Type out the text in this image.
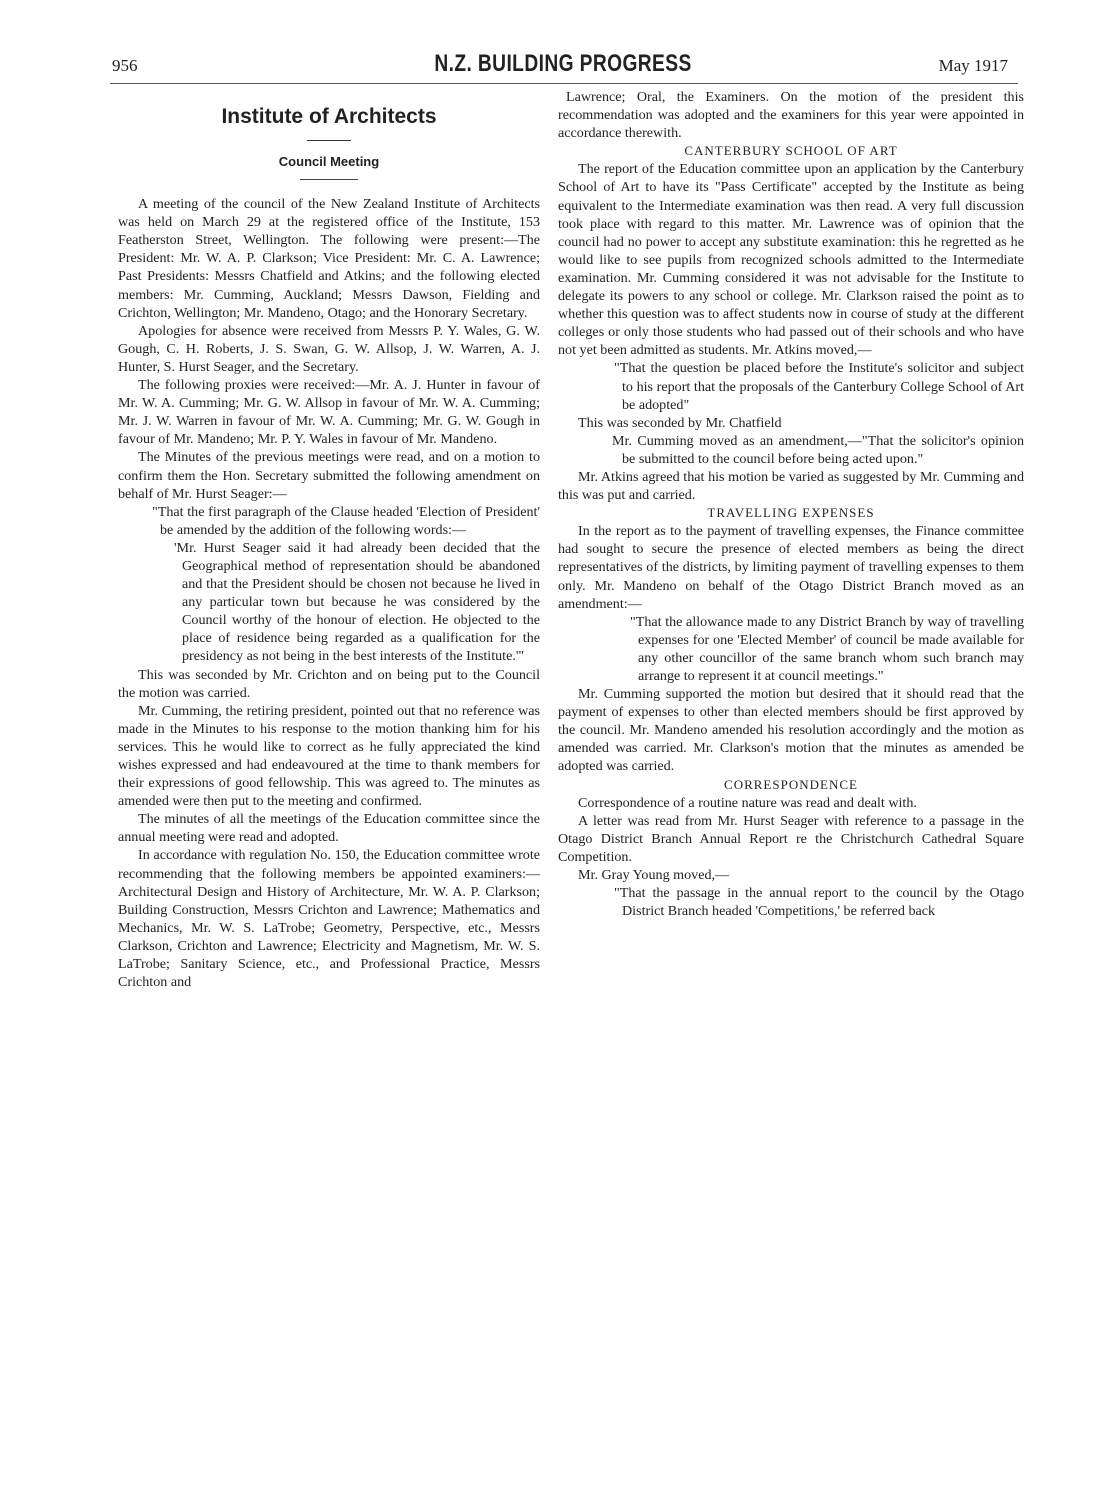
956	N.Z. BUILDING PROGRESS	May 1917
Institute of Architects
Council Meeting

A meeting of the council of the New Zealand Institute of Architects was held on March 29 at the registered office of the Institute, 153 Featherston Street, Wellington. The following were present:—The President: Mr. W. A. P. Clarkson; Vice President: Mr. C. A. Lawrence; Past Presidents: Messrs Chatfield and Atkins; and the following elected members: Mr. Cumming, Auckland; Messrs Dawson, Fielding and Crichton, Wellington; Mr. Mandeno, Otago; and the Honorary Secretary.

Apologies for absence were received from Messrs P. Y. Wales, G. W. Gough, C. H. Roberts, J. S. Swan, G. W. Allsop, J. W. Warren, A. J. Hunter, S. Hurst Seager, and the Secretary.

The following proxies were received:—Mr. A. J. Hunter in favour of Mr. W. A. Cumming; Mr. G. W. Allsop in favour of Mr. W. A. Cumming; Mr. J. W. Warren in favour of Mr. W. A. Cumming; Mr. G. W. Gough in favour of Mr. Mandeno; Mr. P. Y. Wales in favour of Mr. Mandeno.

The Minutes of the previous meetings were read, and on a motion to confirm them the Hon. Secretary submitted the following amendment on behalf of Mr. Hurst Seager:—

"That the first paragraph of the Clause headed 'Election of President' be amended by the addition of the following words:—

'Mr. Hurst Seager said it had already been decided that the Geographical method of representation should be abandoned and that the President should be chosen not because he lived in any particular town but because he was considered by the Council worthy of the honour of election. He objected to the place of residence being regarded as a qualification for the presidency as not being in the best interests of the Institute.'"

This was seconded by Mr. Crichton and on being put to the Council the motion was carried.

Mr. Cumming, the retiring president, pointed out that no reference was made in the Minutes to his response to the motion thanking him for his services. This he would like to correct as he fully appreciated the kind wishes expressed and had endeavoured at the time to thank members for their expressions of good fellowship. This was agreed to. The minutes as amended were then put to the meeting and confirmed.

The minutes of all the meetings of the Education committee since the annual meeting were read and adopted.

In accordance with regulation No. 150, the Education committee wrote recommending that the following members be appointed examiners:—Architectural Design and History of Architecture, Mr. W. A. P. Clarkson; Building Construction, Messrs Crichton and Lawrence; Mathematics and Mechanics, Mr. W. S. LaTrobe; Geometry, Perspective, etc., Messrs Clarkson, Crichton and Lawrence; Electricity and Magnetism, Mr. W. S. LaTrobe; Sanitary Science, etc., and Professional Practice, Messrs Crichton and

Lawrence; Oral, the Examiners. On the motion of the president this recommendation was adopted and the examiners for this year were appointed in accordance therewith.

CANTERBURY SCHOOL OF ART

The report of the Education committee upon an application by the Canterbury School of Art to have its "Pass Certificate" accepted by the Institute as being equivalent to the Intermediate examination was then read. A very full discussion took place with regard to this matter. Mr. Lawrence was of opinion that the council had no power to accept any substitute examination: this he regretted as he would like to see pupils from recognized schools admitted to the Intermediate examination. Mr. Cumming considered it was not advisable for the Institute to delegate its powers to any school or college. Mr. Clarkson raised the point as to whether this question was to affect students now in course of study at the different colleges or only those students who had passed out of their schools and who have not yet been admitted as students. Mr. Atkins moved,—

"That the question be placed before the Institute's solicitor and subject to his report that the proposals of the Canterbury College School of Art be adopted"

This was seconded by Mr. Chatfield

Mr. Cumming moved as an amendment,—"That the solicitor's opinion be submitted to the council before being acted upon."

Mr. Atkins agreed that his motion be varied as suggested by Mr. Cumming and this was put and carried.

TRAVELLING EXPENSES

In the report as to the payment of travelling expenses, the Finance committee had sought to secure the presence of elected members as being the direct representatives of the districts, by limiting payment of travelling expenses to them only. Mr. Mandeno on behalf of the Otago District Branch moved as an amendment:—

"That the allowance made to any District Branch by way of travelling expenses for one 'Elected Member' of council be made available for any other councillor of the same branch whom such branch may arrange to represent it at council meetings."

Mr. Cumming supported the motion but desired that it should read that the payment of expenses to other than elected members should be first approved by the council. Mr. Mandeno amended his resolution accordingly and the motion as amended was carried. Mr. Clarkson's motion that the minutes as amended be adopted was carried.

CORRESPONDENCE

Correspondence of a routine nature was read and dealt with.

A letter was read from Mr. Hurst Seager with reference to a passage in the Otago District Branch Annual Report re the Christchurch Cathedral Square Competition.

Mr. Gray Young moved,—

"That the passage in the annual report to the council by the Otago District Branch headed 'Competitions,' be referred back
